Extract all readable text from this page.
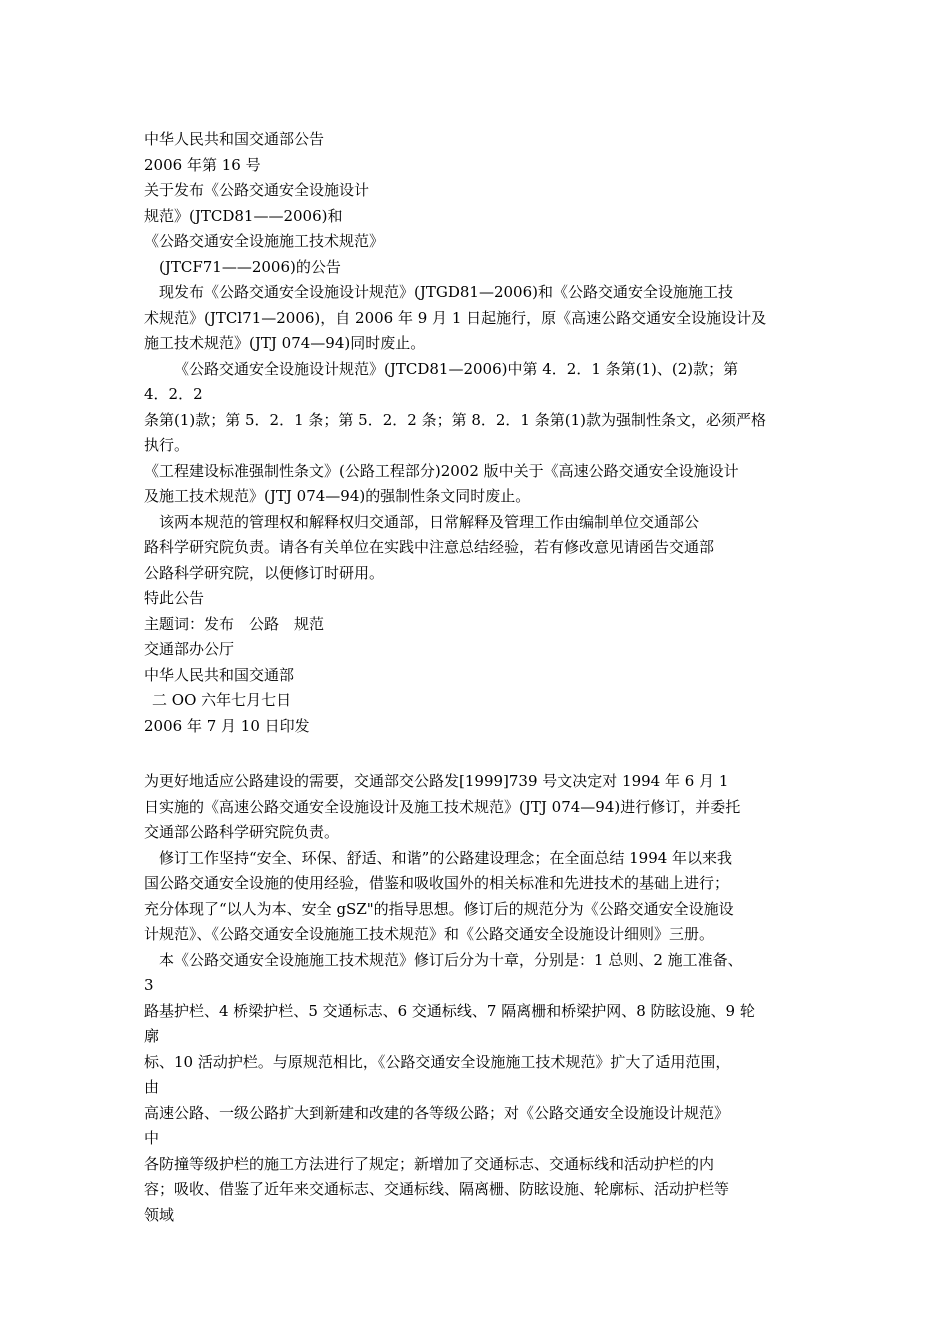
中华人民共和国交通部公告
2006 年第 16 号
关于发布《公路交通安全设施设计
规范》(JTCD81——2006)和
《公路交通安全设施施工技术规范》
(JTCF71——2006)的公告
现发布《公路交通安全设施设计规范》(JTGD81—2006)和《公路交通安全设施施工技
术规范》(JTCl71—2006)，自 2006 年 9 月 1 日起施行，原《高速公路交通安全设施设计及
施工技术规范》(JTJ 074—94)同时废止。
《公路交通安全设施设计规范》(JTCD81—2006)中第 4．2．1 条第(1)、(2)款；第
4．2．2
条第(1)款；第 5．2．1 条；第 5．2．2 条；第 8．2．1 条第(1)款为强制性条文，必须严格
执行。
《工程建设标准强制性条文》(公路工程部分)2002 版中关于《高速公路交通安全设施设计
及施工技术规范》(JTJ 074—94)的强制性条文同时废止。
该两本规范的管理权和解释权归交通部，日常解释及管理工作由编制单位交通部公
路科学研究院负责。请各有关单位在实践中注意总结经验，若有修改意见请函告交通部
公路科学研究院，以便修订时研用。
特此公告
主题词：发布　公路　规范
交通部办公厅
中华人民共和国交通部
二 OO 六年七月七日
2006 年 7 月 10 日印发
为更好地适应公路建设的需要，交通部交公路发[1999]739 号文决定对 1994 年 6 月 1
日实施的《高速公路交通安全设施设计及施工技术规范》(JTJ 074—94)进行修订，并委托
交通部公路科学研究院负责。
修订工作坚持“安全、环保、舒适、和谐”的公路建设理念；在全面总结 1994 年以来我
国公路交通安全设施的使用经验，借鉴和吸收国外的相关标准和先进技术的基础上进行；
充分体现了“以人为本、安全 gSZ"的指导思想。修订后的规范分为《公路交通安全设施设
计规范》、《公路交通安全设施施工技术规范》和《公路交通安全设施设计细则》三册。
本《公路交通安全设施施工技术规范》修订后分为十章，分别是：1 总则、2 施工准备、
3
路基护栏、4 桥梁护栏、5 交通标志、6 交通标线、7 隔离栅和桥梁护网、8 防眩设施、9 轮
廓
标、10 活动护栏。与原规范相比，《公路交通安全设施施工技术规范》扩大了适用范围，
由
高速公路、一级公路扩大到新建和改建的各等级公路；对《公路交通安全设施设计规范》
中
各防撞等级护栏的施工方法进行了规定；新增加了交通标志、交通标线和活动护栏的内
容；吸收、借鉴了近年来交通标志、交通标线、隔离栅、防眩设施、轮廓标、活动护栏等
领域
